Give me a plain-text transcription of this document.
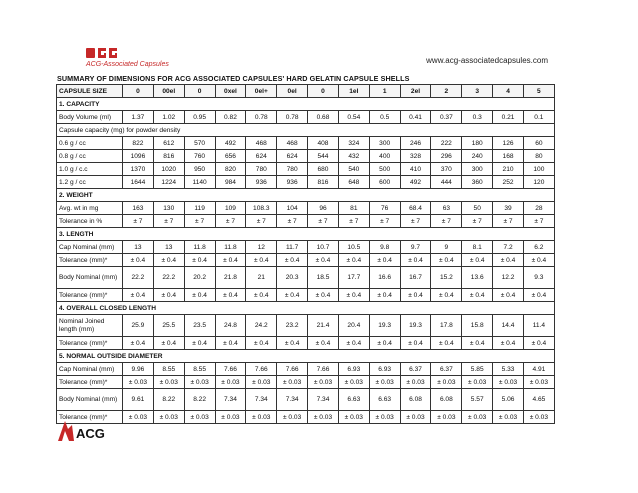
ACG-Associated Capsules	www.acg-associatedcapsules.com
SUMMARY OF DIMENSIONS FOR ACG ASSOCIATED CAPSULES' HARD GELATIN CAPSULE SHELLS
CAPSULE SIZE	0	00el	0	0xel	0el+	0el	0	1el	1	2el	2	3	4	5
1. CAPACITY														
Body Volume (ml)	1.37	1.02	0.95	0.82	0.78	0.78	0.68	0.54	0.5	0.41	0.37	0.3	0.21	0.1
Capsule capacity (mg) for powder density														
0.6 g / cc	822	612	570	492	468	468	408	324	300	246	222	180	126	60
0.8 g / cc	1096	816	760	656	624	624	544	432	400	328	296	240	168	80
1.0 g / c.c	1370	1020	950	820	780	780	680	540	500	410	370	300	210	100
1.2 g / cc	1644	1224	1140	984	936	936	816	648	600	492	444	360	252	120
2. WEIGHT														
Avg. wt in mg	163	130	119	109	108.3	104	96	81	76	68.4	63	50	39	28
Tolerance in %	± 7	± 7	± 7	± 7	± 7	± 7	± 7	± 7	± 7	± 7	± 7	± 7	± 7	± 7
3. LENGTH														
Cap Nominal (mm)	13	13	11.8	11.8	12	11.7	10.7	10.5	9.8	9.7	9	8.1	7.2	6.2
Tolerance (mm)*	± 0.4	± 0.4	± 0.4	± 0.4	± 0.4	± 0.4	± 0.4	± 0.4	± 0.4	± 0.4	± 0.4	± 0.4	± 0.4	± 0.4
Body Nominal (mm)	22.2	22.2	20.2	21.8	21	20.3	18.5	17.7	16.6	16.7	15.2	13.6	12.2	9.3
Tolerance (mm)*	± 0.4	± 0.4	± 0.4	± 0.4	± 0.4	± 0.4	± 0.4	± 0.4	± 0.4	± 0.4	± 0.4	± 0.4	± 0.4	± 0.4
4. OVERALL CLOSED LENGTH														
Nominal Joined length (mm)	25.9	25.5	23.5	24.8	24.2	23.2	21.4	20.4	19.3	19.3	17.8	15.8	14.4	11.4
Tolerance (mm)*	± 0.4	± 0.4	± 0.4	± 0.4	± 0.4	± 0.4	± 0.4	± 0.4	± 0.4	± 0.4	± 0.4	± 0.4	± 0.4	± 0.4
5. NORMAL OUTSIDE DIAMETER														
Cap Nominal (mm)	9.96	8.55	8.55	7.66	7.66	7.66	7.66	6.93	6.93	6.37	6.37	5.85	5.33	4.91
Tolerance (mm)*	± 0.03	± 0.03	± 0.03	± 0.03	± 0.03	± 0.03	± 0.03	± 0.03	± 0.03	± 0.03	± 0.03	± 0.03	± 0.03	± 0.03
Body Nominal (mm)	9.61	8.22	8.22	7.34	7.34	7.34	7.34	6.63	6.63	6.08	6.08	5.57	5.06	4.65
Tolerance (mm)*	± 0.03	± 0.03	± 0.03	± 0.03	± 0.03	± 0.03	± 0.03	± 0.03	± 0.03	± 0.03	± 0.03	± 0.03	± 0.03	± 0.03
ACG
